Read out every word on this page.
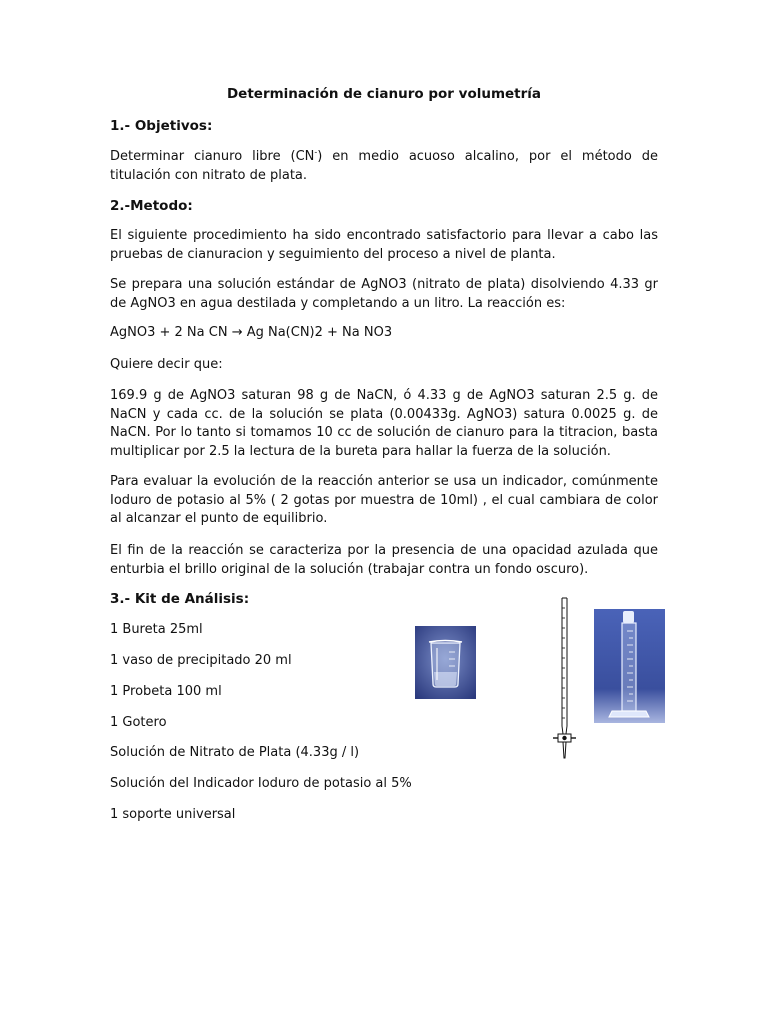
Determinación de cianuro por volumetría
1.- Objetivos:
Determinar cianuro libre (CN-) en medio acuoso alcalino, por el método de titulación con nitrato de plata.
2.-Metodo:
El siguiente procedimiento ha sido encontrado satisfactorio para llevar a cabo las pruebas de cianuracion y seguimiento del proceso a nivel de planta.
Se prepara una solución estándar de AgNO3 (nitrato de plata) disolviendo 4.33 gr de AgNO3 en agua destilada y completando a un litro. La reacción es:
AgNO3 + 2 Na CN → Ag Na(CN)2 + Na NO3
Quiere decir que:
169.9 g de AgNO3 saturan 98 g de NaCN, ó 4.33 g de AgNO3 saturan 2.5 g. de NaCN y cada cc. de la solución se plata (0.00433g. AgNO3) satura 0.0025 g. de NaCN. Por lo tanto si tomamos 10 cc de solución de cianuro para la titracion, basta multiplicar por 2.5 la lectura de la bureta para hallar la fuerza de la solución.
Para evaluar la evolución de la reacción anterior se usa un indicador, comúnmente Ioduro de potasio al 5% ( 2 gotas por muestra de 10ml) , el cual cambiara de color al alcanzar el punto de equilibrio.
El fin de la reacción se caracteriza por la presencia de una opacidad azulada que enturbia el brillo original de la solución (trabajar contra un fondo oscuro).
3.- Kit de Análisis:
1 Bureta 25ml
1 vaso de precipitado 20 ml
1 Probeta 100 ml
1 Gotero
Solución de Nitrato de Plata (4.33g / l)
Solución del Indicador Ioduro de potasio al 5%
1 soporte universal
